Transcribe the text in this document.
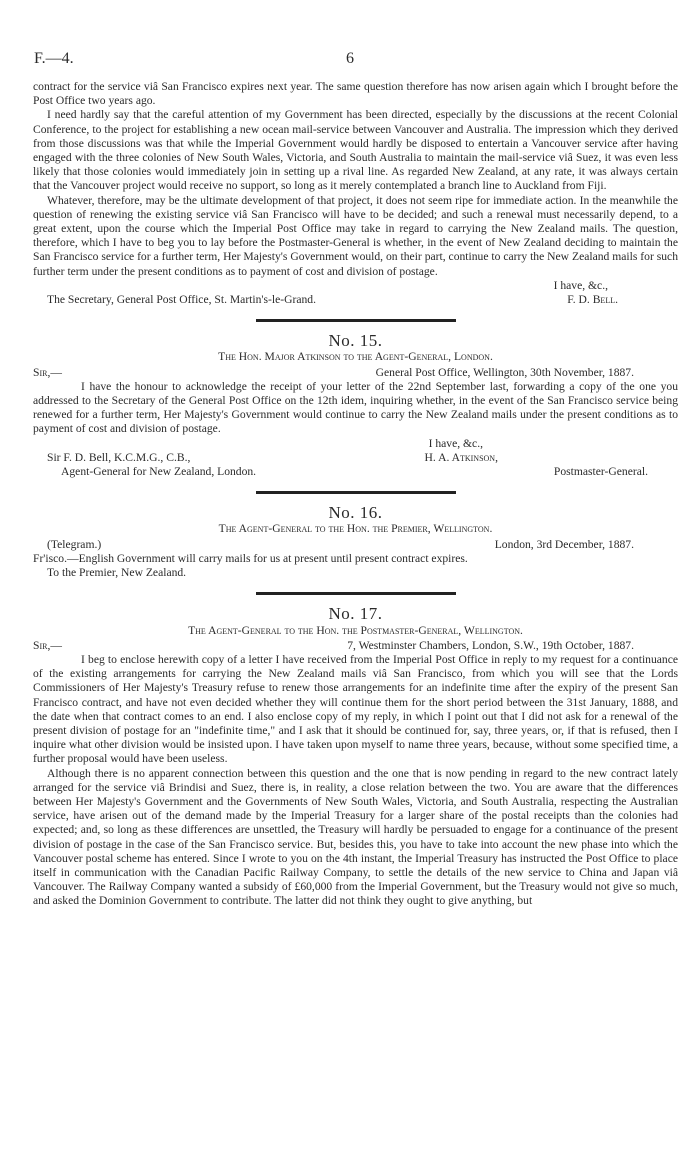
F.—4.	6

contract for the service viâ San Francisco expires next year. The same question therefore has now arisen again which I brought before the Post Office two years ago.

I need hardly say that the careful attention of my Government has been directed, especially by the discussions at the recent Colonial Conference, to the project for establishing a new ocean mail-service between Vancouver and Australia. The impression which they derived from those discussions was that while the Imperial Government would hardly be disposed to entertain a Vancouver service after having engaged with the three colonies of New South Wales, Victoria, and South Australia to maintain the mail-service viâ Suez, it was even less likely that those colonies would immediately join in setting up a rival line. As regarded New Zealand, at any rate, it was always certain that the Vancouver project would receive no support, so long as it merely contemplated a branch line to Auckland from Fiji.

Whatever, therefore, may be the ultimate development of that project, it does not seem ripe for immediate action. In the meanwhile the question of renewing the existing service viâ San Francisco will have to be decided; and such a renewal must necessarily depend, to a great extent, upon the course which the Imperial Post Office may take in regard to carrying the New Zealand mails. The question, therefore, which I have to beg you to lay before the Postmaster-General is whether, in the event of New Zealand deciding to maintain the San Francisco service for a further term, Her Majesty's Government would, on their part, continue to carry the New Zealand mails for such further term under the present conditions as to payment of cost and division of postage.

I have, &c.,
The Secretary, General Post Office, St. Martin's-le-Grand.	F. D. Bell.
No. 15.
The Hon. Major Atkinson to the Agent-General, London.
Sir,—	General Post Office, Wellington, 30th November, 1887.

I have the honour to acknowledge the receipt of your letter of the 22nd September last, forwarding a copy of the one you addressed to the Secretary of the General Post Office on the 12th idem, inquiring whether, in the event of the San Francisco service being renewed for a further term, Her Majesty's Government would continue to carry the New Zealand mails under the present conditions as to payment of cost and division of postage.

I have, &c.,
Sir F. D. Bell, K.C.M.G., C.B.,	H. A. Atkinson,
Agent-General for New Zealand, London.	Postmaster-General.
No. 16.
The Agent-General to the Hon. the Premier, Wellington.
(Telegram.)	London, 3rd December, 1887.

Fr'isco.—English Government will carry mails for us at present until present contract expires.

To the Premier, New Zealand.

No. 17.
The Agent-General to the Hon. the Postmaster-General, Wellington.
Sir,—	7, Westminster Chambers, London, S.W., 19th October, 1887.

I beg to enclose herewith copy of a letter I have received from the Imperial Post Office in reply to my request for a continuance of the existing arrangements for carrying the New Zealand mails viâ San Francisco, from which you will see that the Lords Commissioners of Her Majesty's Treasury refuse to renew those arrangements for an indefinite time after the expiry of the present San Francisco contract, and have not even decided whether they will continue them for the short period between the 31st January, 1888, and the date when that contract comes to an end. I also enclose copy of my reply, in which I point out that I did not ask for a renewal of the present division of postage for an "indefinite time," and I ask that it should be continued for, say, three years, or, if that is refused, then I inquire what other division would be insisted upon. I have taken upon myself to name three years, because, without some specified time, a further proposal would have been useless.

Although there is no apparent connection between this question and the one that is now pending in regard to the new contract lately arranged for the service viâ Brindisi and Suez, there is, in reality, a close relation between the two. You are aware that the differences between Her Majesty's Government and the Governments of New South Wales, Victoria, and South Australia, respecting the Australian service, have arisen out of the demand made by the Imperial Treasury for a larger share of the postal receipts than the colonies had expected; and, so long as these differences are unsettled, the Treasury will hardly be persuaded to engage for a continuance of the present division of postage in the case of the San Francisco service. But, besides this, you have to take into account the new phase into which the Vancouver postal scheme has entered. Since I wrote to you on the 4th instant, the Imperial Treasury has instructed the Post Office to place itself in communication with the Canadian Pacific Railway Company, to settle the details of the new service to China and Japan viâ Vancouver. The Railway Company wanted a subsidy of £60,000 from the Imperial Government, but the Treasury would not give so much, and asked the Dominion Government to contribute. The latter did not think they ought to give anything, but
